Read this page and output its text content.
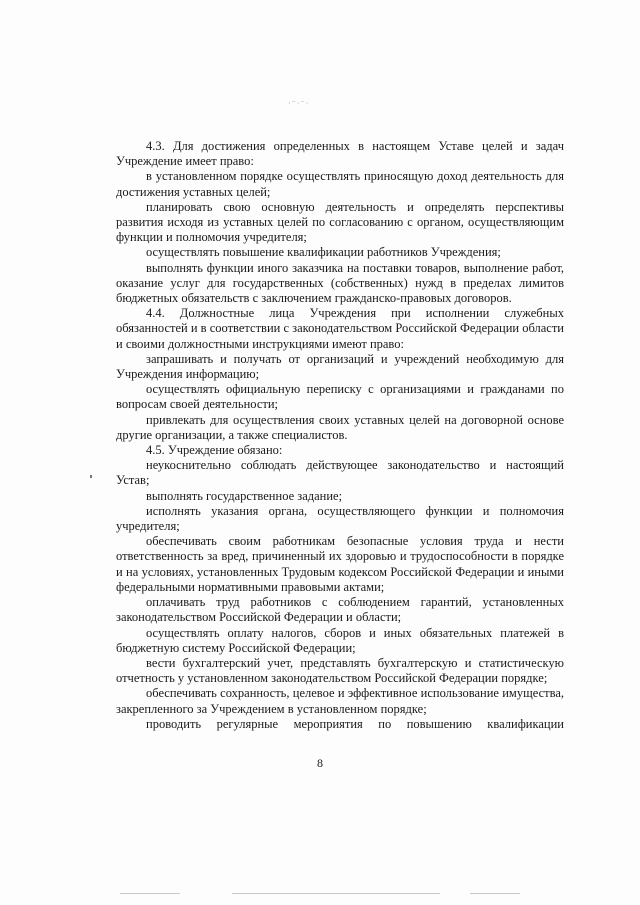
·⁻·⁻·

4.3. Для достижения определенных в настоящем Уставе целей и задач Учреждение имеет право:

в установленном порядке осуществлять приносящую доход деятельность для достижения уставных целей;

планировать свою основную деятельность и определять перспективы развития исходя из уставных целей по согласованию с органом, осуществляющим функции и полномочия учредителя;

осуществлять повышение квалификации работников Учреждения;

выполнять функции иного заказчика на поставки товаров, выполнение работ, оказание услуг для государственных (собственных) нужд в пределах лимитов бюджетных обязательств с заключением гражданско-правовых договоров.

4.4. Должностные лица Учреждения при исполнении служебных обязанностей и в соответствии с законодательством Российской Федерации области и своими должностными инструкциями имеют право:

запрашивать и получать от организаций и учреждений необходимую для Учреждения информацию;

осуществлять официальную переписку с организациями и гражданами по вопросам своей деятельности;

привлекать для осуществления своих уставных целей на договорной основе другие организации, а также специалистов.

4.5. Учреждение обязано:

неукоснительно соблюдать действующее законодательство и настоящий Устав;

выполнять государственное задание;

исполнять указания органа, осуществляющего функции и полномочия учредителя;

обеспечивать своим работникам безопасные условия труда и нести ответственность за вред, причиненный их здоровью и трудоспособности в порядке и на условиях, установленных Трудовым кодексом Российской Федерации и иными федеральными нормативными правовыми актами;

оплачивать труд работников с соблюдением гарантий, установленных законодательством Российской Федерации и области;

осуществлять оплату налогов, сборов и иных обязательных платежей в бюджетную систему Российской Федерации;

вести бухгалтерский учет, представлять бухгалтерскую и статистическую отчетность у установленном законодательством Российской Федерации порядке;

обеспечивать сохранность, целевое и эффективное использование имущества, закрепленного за Учреждением в установленном порядке;

проводить регулярные мероприятия по повышению квалификации

8
